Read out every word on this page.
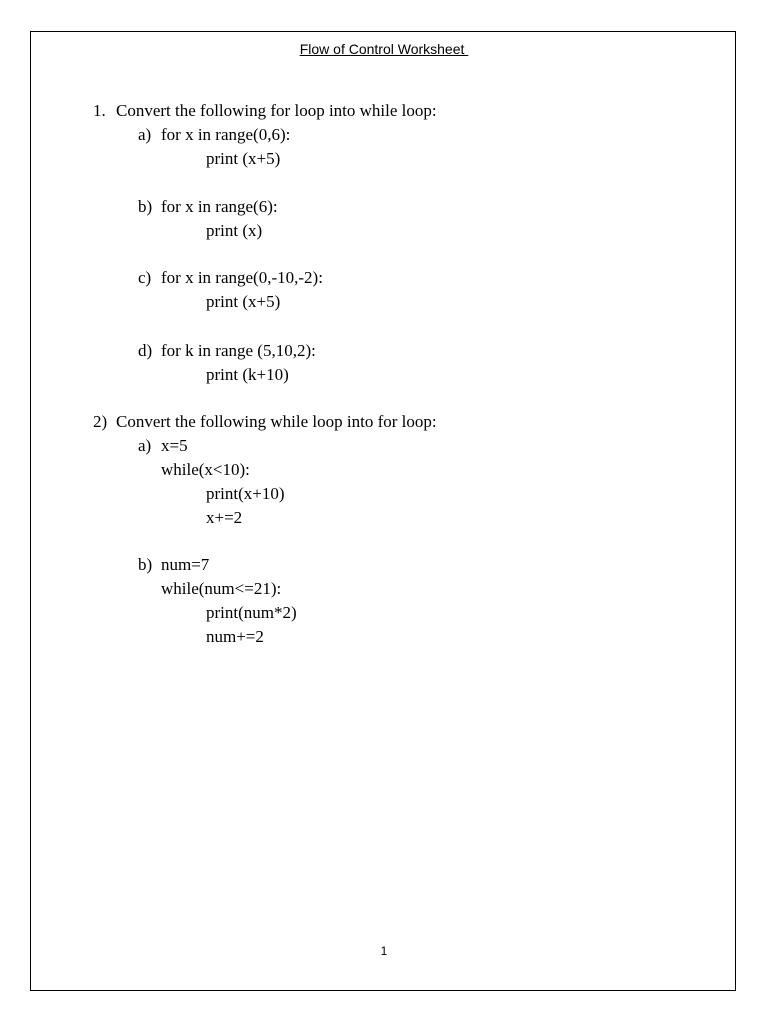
Flow of Control Worksheet
1. Convert the following for loop into while loop:
a) for x in range(0,6):
print (x+5)
b) for x in range(6):
print (x)
c) for x in range(0,-10,-2):
print (x+5)
d) for k in range (5,10,2):
print (k+10)
2) Convert the following while loop into for loop:
a) x=5
while(x<10):
print(x+10)
x+=2
b) num=7
while(num<=21):
print(num*2)
num+=2
1
